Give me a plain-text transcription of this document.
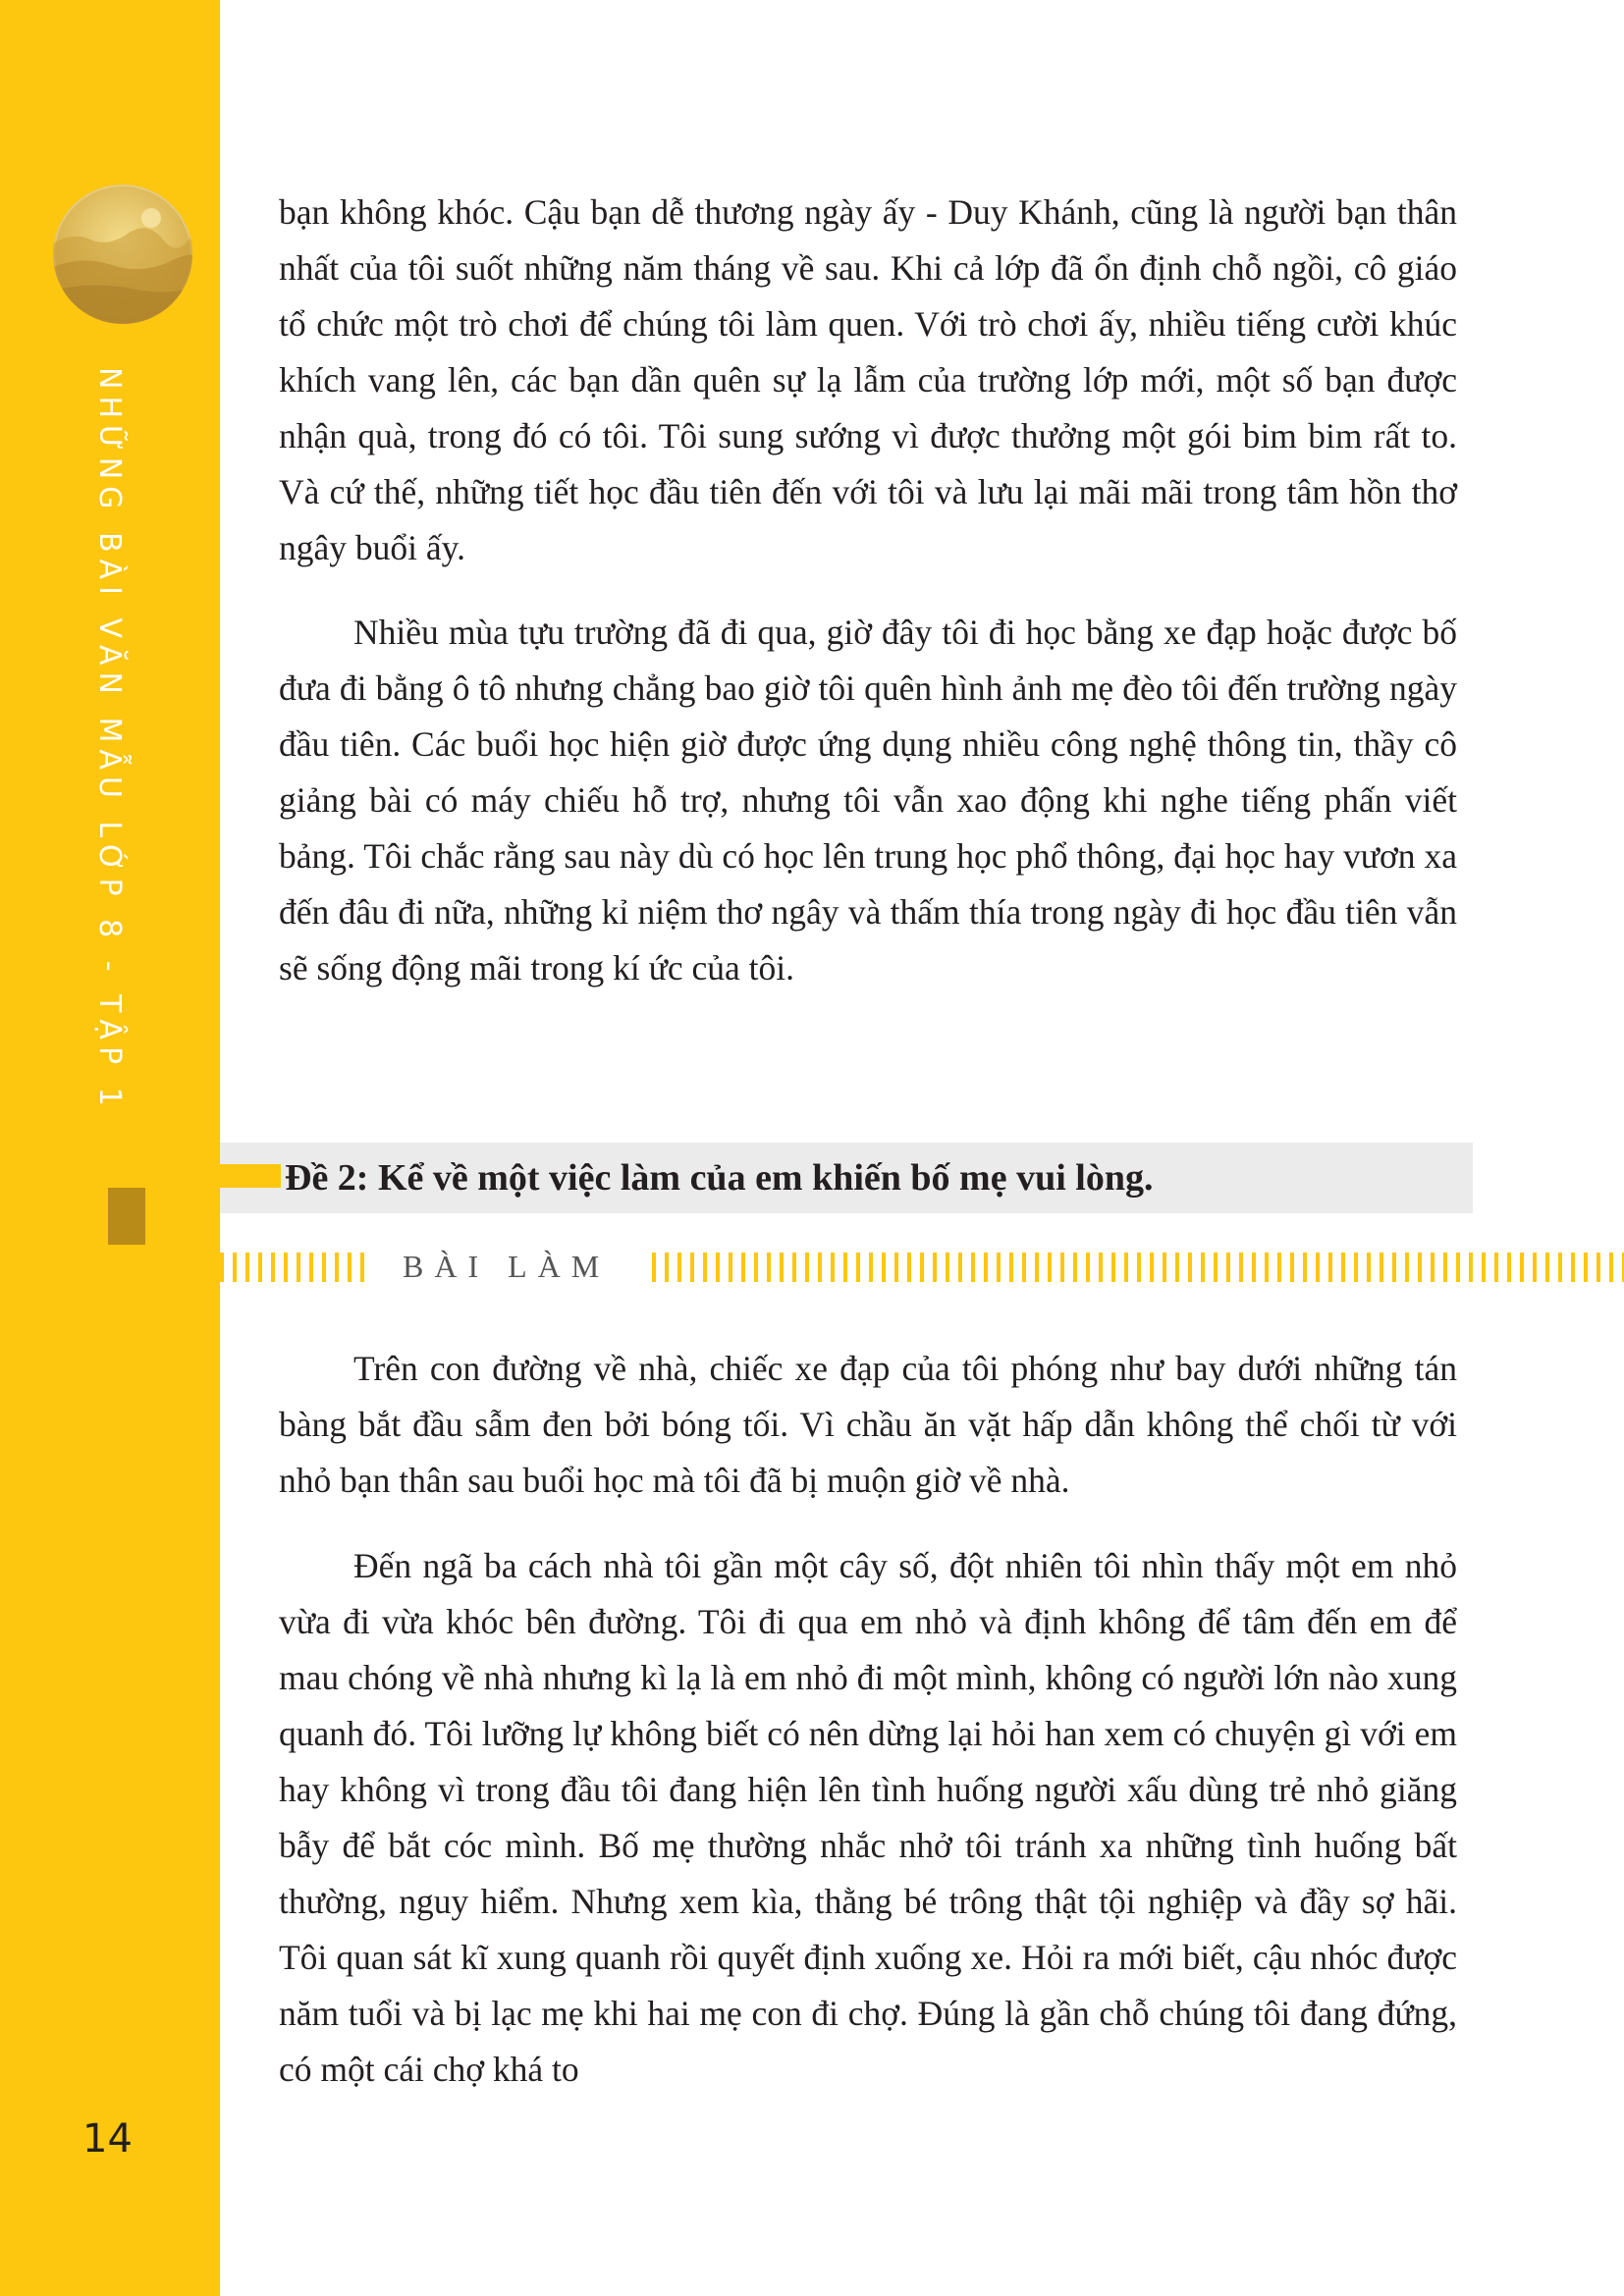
NHỮNG BÀI VĂN MẪU LỚP 8 - TẬP 1
14

bạn không khóc. Cậu bạn dễ thương ngày ấy - Duy Khánh, cũng là người bạn thân nhất của tôi suốt những năm tháng về sau. Khi cả lớp đã ổn định chỗ ngồi, cô giáo tổ chức một trò chơi để chúng tôi làm quen. Với trò chơi ấy, nhiều tiếng cười khúc khích vang lên, các bạn dần quên sự lạ lẫm của trường lớp mới, một số bạn được nhận quà, trong đó có tôi. Tôi sung sướng vì được thưởng một gói bim bim rất to. Và cứ thế, những tiết học đầu tiên đến với tôi và lưu lại mãi mãi trong tâm hồn thơ ngây buổi ấy.

Nhiều mùa tựu trường đã đi qua, giờ đây tôi đi học bằng xe đạp hoặc được bố đưa đi bằng ô tô nhưng chẳng bao giờ tôi quên hình ảnh mẹ đèo tôi đến trường ngày đầu tiên. Các buổi học hiện giờ được ứng dụng nhiều công nghệ thông tin, thầy cô giảng bài có máy chiếu hỗ trợ, nhưng tôi vẫn xao động khi nghe tiếng phấn viết bảng. Tôi chắc rằng sau này dù có học lên trung học phổ thông, đại học hay vươn xa đến đâu đi nữa, những kỉ niệm thơ ngây và thấm thía trong ngày đi học đầu tiên vẫn sẽ sống động mãi trong kí ức của tôi.

Trên con đường về nhà, chiếc xe đạp của tôi phóng như bay dưới những tán bàng bắt đầu sẫm đen bởi bóng tối. Vì chầu ăn vặt hấp dẫn không thể chối từ với nhỏ bạn thân sau buổi học mà tôi đã bị muộn giờ về nhà.

Đến ngã ba cách nhà tôi gần một cây số, đột nhiên tôi nhìn thấy một em nhỏ vừa đi vừa khóc bên đường. Tôi đi qua em nhỏ và định không để tâm đến em để mau chóng về nhà nhưng kì lạ là em nhỏ đi một mình, không có người lớn nào xung quanh đó. Tôi lưỡng lự không biết có nên dừng lại hỏi han xem có chuyện gì với em hay không vì trong đầu tôi đang hiện lên tình huống người xấu dùng trẻ nhỏ giăng bẫy để bắt cóc mình. Bố mẹ thường nhắc nhở tôi tránh xa những tình huống bất thường, nguy hiểm. Nhưng xem kìa, thằng bé trông thật tội nghiệp và đầy sợ hãi. Tôi quan sát kĩ xung quanh rồi quyết định xuống xe. Hỏi ra mới biết, cậu nhóc được năm tuổi và bị lạc mẹ khi hai mẹ con đi chợ. Đúng là gần chỗ chúng tôi đang đứng, có một cái chợ khá to

Đề 2: Kể về một việc làm của em khiến bố mẹ vui lòng.
BÀI LÀM
